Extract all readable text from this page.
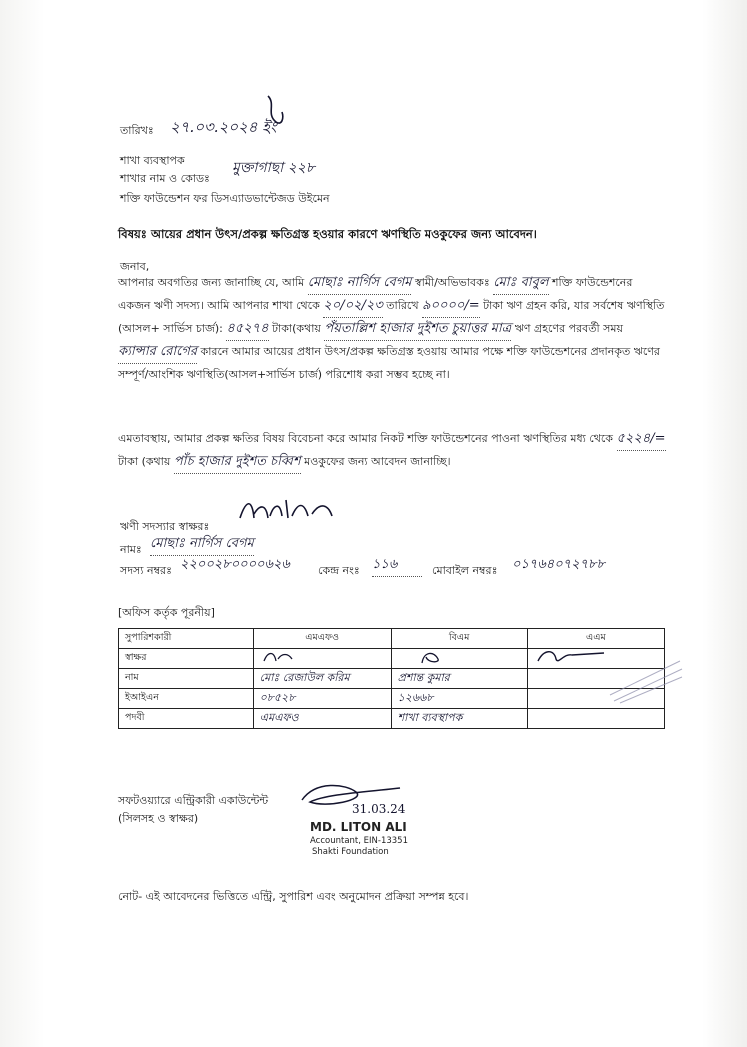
তারিখঃ ২৭.০৩.২০২৪ ইং
শাখা ব্যবস্থাপক
শাখার নাম ও কোডঃ
মুক্তাগাছা ২২৮
শক্তি ফাউন্ডেশন ফর ডিসএ্যাডভান্টেজড উইমেন
বিষয়ঃ আয়ের প্রধান উৎস/প্রকল্প ক্ষতিগ্রস্ত হওয়ার কারণে ঋণস্থিতি মওকুফের জন্য আবেদন।
জনাব,
আপনার অবগতির জন্য জানাচ্ছি যে, আমি মোছাঃ নার্গিস বেগম স্বামী/অভিভাবকঃ মোঃ বাবুল শক্তি ফাউন্ডেশনের একজন ঋণী সদস্য। আমি আপনার শাখা থেকে ২০/০২/২৩ তারিখে ৯০০০০/= টাকা ঋণ গ্রহন করি, যার সর্বশেষ ঋণস্থিতি (আসল+ সার্ভিস চার্জ): ৪৫২৭৪ টাকা(কথায় পঁয়তাল্লিশ হাজার দুইশত চুয়াত্তর মাত্র ঋণ গ্রহণের পরবর্তী সময় ক্যান্সার রোগের কারনে আমার আয়ের প্রধান উৎস/প্রকল্প ক্ষতিগ্রস্ত হওয়ায় আমার পক্ষে শক্তি ফাউন্ডেশনের প্রদানকৃত ঋণের সম্পূর্ণ/আংশিক ঋণস্থিতি(আসল+সার্ভিস চার্জ) পরিশোধ করা সম্ভব হচ্ছে না।
এমতাবস্থায়, আমার প্রকল্প ক্ষতির বিষয় বিবেচনা করে আমার নিকট শক্তি ফাউন্ডেশনের পাওনা ঋণস্থিতির মধ্য থেকে ৫২২৪/= টাকা (কথায় পাঁচ হাজার দুইশত চব্বিশ মওকুফের জন্য আবেদন জানাচ্ছি।
ঋণী সদস্যার স্বাক্ষরঃ
নামঃ মোছাঃ নার্গিস বেগম
সদস্য নম্বরঃ ২২০০২৮০০০০৬২৬	কেন্দ্র নংঃ ১১৬	মোবাইল নম্বরঃ ০১৭৬৪০৭২৭৮৮
[অফিস কর্তৃক পূরনীয়]
সুপারিশকারী	এমএফও	বিএম	এএম
স্বাক্ষর			
নাম	মোঃ রেজাউল করিম	প্রশান্ত কুমার	
ইআইএন	০৮৫২৮	১২৬৬৮	
পদবী	এমএফও	শাখা ব্যবস্থাপক	
সফটওয়্যারে এন্ট্রিকারী একাউন্টেন্ট
(সিলসহ ও স্বাক্ষর)
31.03.24
MD. LITON ALI
Accountant, EIN-13351
Shakti Foundation
নোট- এই আবেদনের ভিত্তিতে এন্ট্রি, সুপারিশ এবং অনুমোদন প্রক্রিয়া সম্পন্ন হবে।
